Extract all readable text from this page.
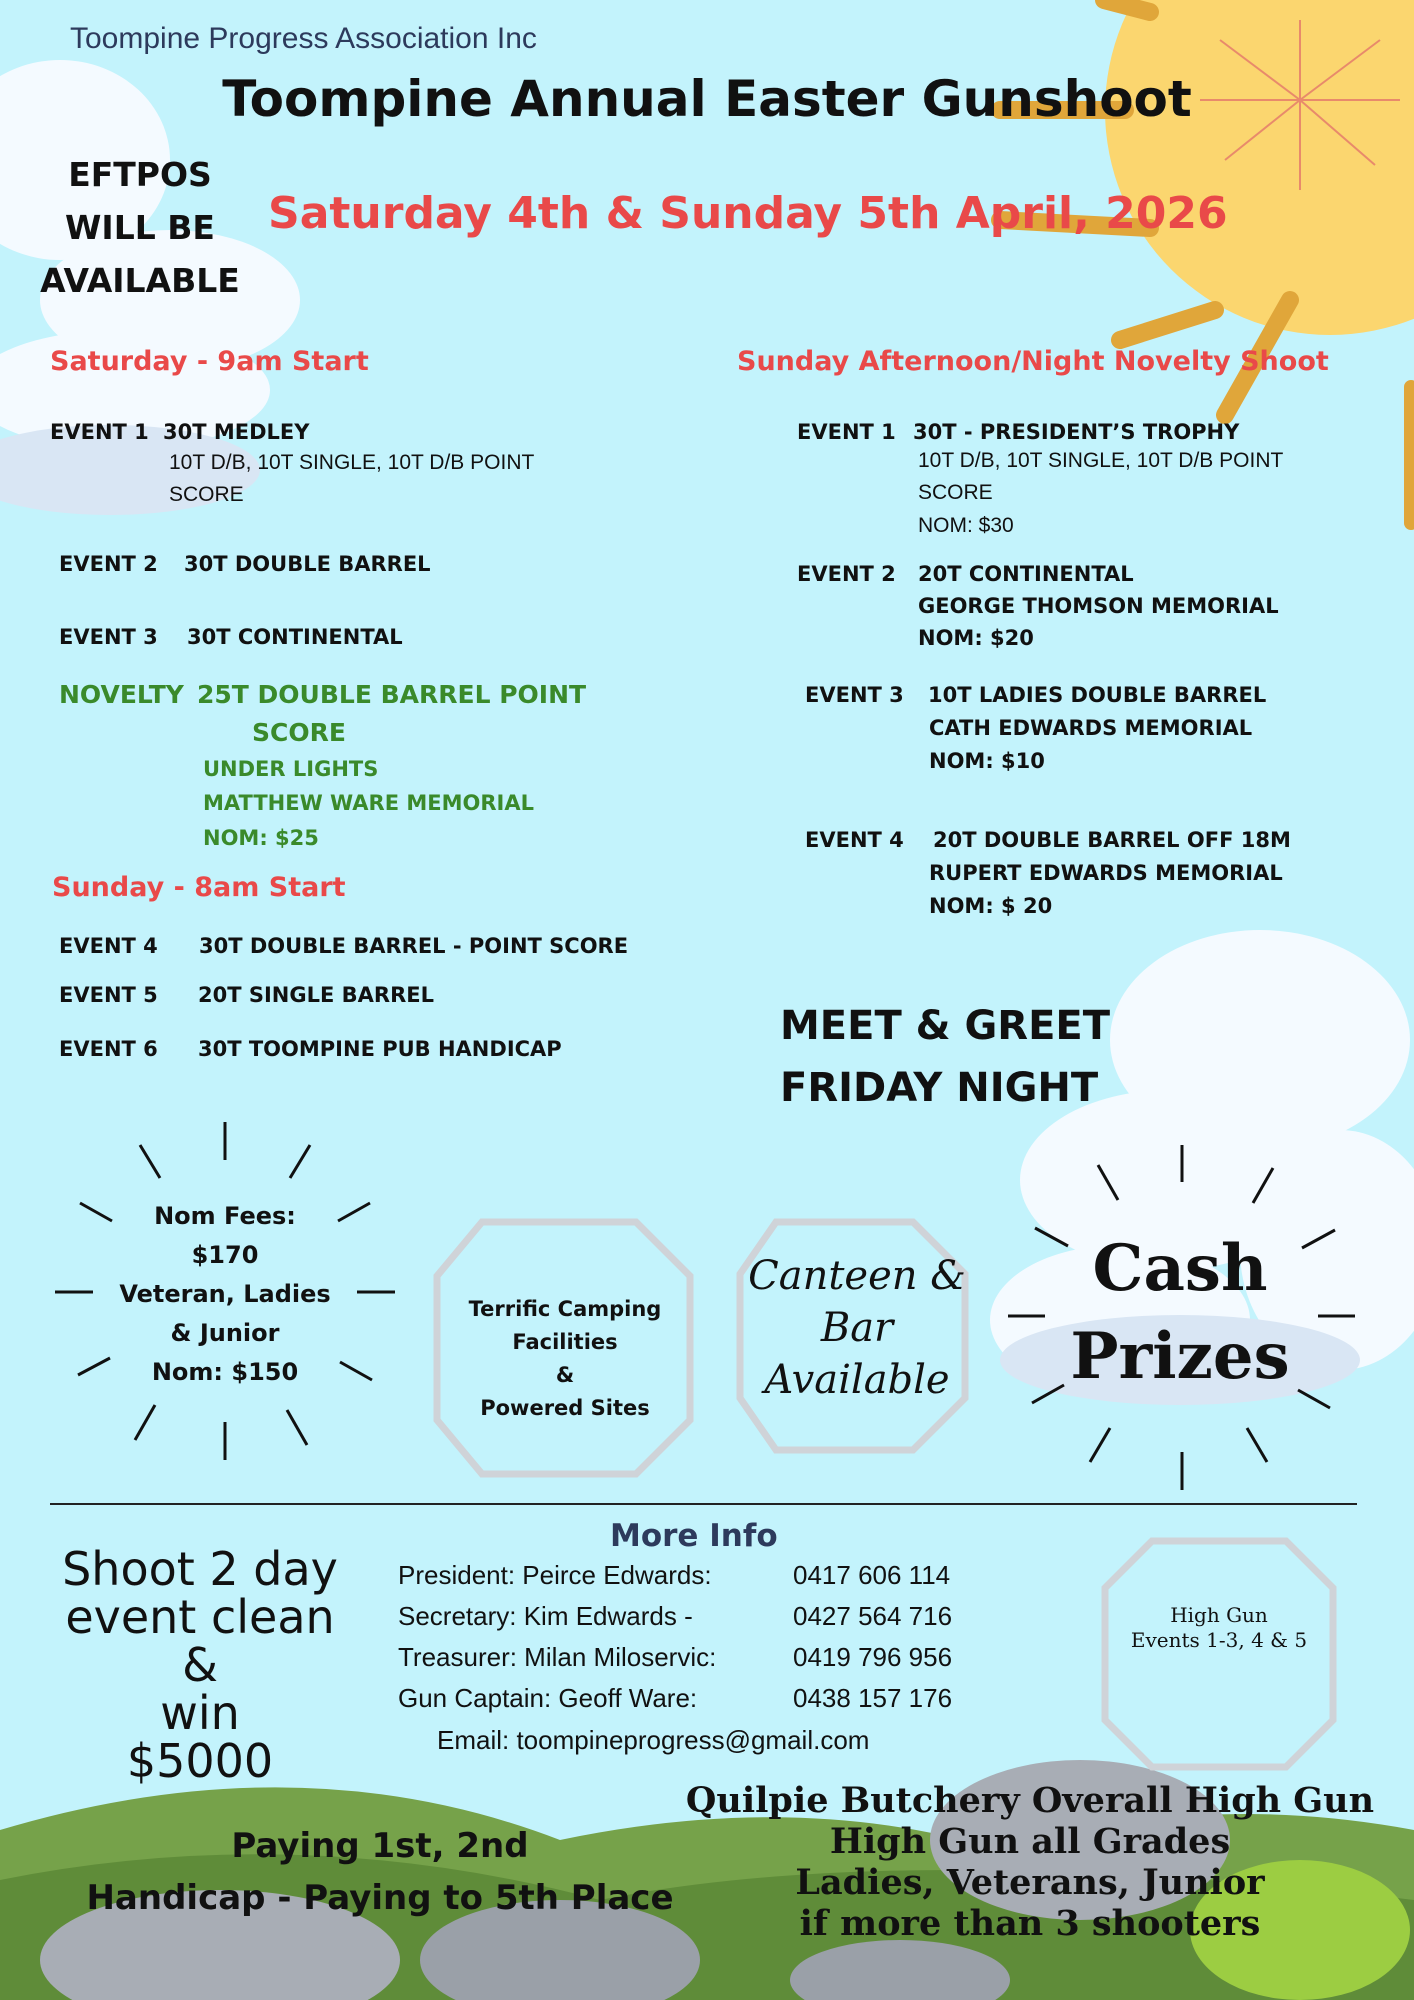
Toompine Progress Association Inc
Toompine Annual Easter Gunshoot
EFTPOS
WILL BE
AVAILABLE
Saturday 4th & Sunday 5th April, 2026
Saturday - 9am Start
EVENT 1 30T MEDLEY
10T D/B, 10T SINGLE, 10T D/B POINT
SCORE
EVENT 2 30T DOUBLE BARREL
EVENT 3 30T CONTINENTAL
NOVELTY 25T DOUBLE BARREL POINT
SCORE
UNDER LIGHTS
MATTHEW WARE MEMORIAL
NOM: $25
Sunday - 8am Start
EVENT 4 30T DOUBLE BARREL - POINT SCORE
EVENT 5 20T SINGLE BARREL
EVENT 6 30T TOOMPINE PUB HANDICAP
Sunday Afternoon/Night Novelty Shoot
EVENT 1 30T - PRESIDENT’S TROPHY
10T D/B, 10T SINGLE, 10T D/B POINT
SCORE
NOM: $30
EVENT 2 20T CONTINENTAL
GEORGE THOMSON MEMORIAL
NOM: $20
EVENT 3 10T LADIES DOUBLE BARREL
CATH EDWARDS MEMORIAL
NOM: $10
EVENT 4 20T DOUBLE BARREL OFF 18M
RUPERT EDWARDS MEMORIAL
NOM: $ 20
MEET & GREET
FRIDAY NIGHT
Nom Fees:
$170
Veteran, Ladies
& Junior
Nom: $150
Terrific Camping
Facilities
&
Powered Sites
Canteen &
Bar
Available
Cash
Prizes
More Info
President: Peirce Edwards:	0417 606 114
Secretary: Kim Edwards -	0427 564 716
Treasurer: Milan Miloservic:	0419 796 956
Gun Captain: Geoff Ware:	0438 157 176
Email: toompineprogress@gmail.com
High Gun
Events 1-3, 4 & 5
Shoot 2 day
event clean
&
win
$5000
Paying 1st, 2nd
Handicap - Paying to 5th Place
Quilpie Butchery Overall High Gun
High Gun all Grades
Ladies, Veterans, Junior
if more than 3 shooters
